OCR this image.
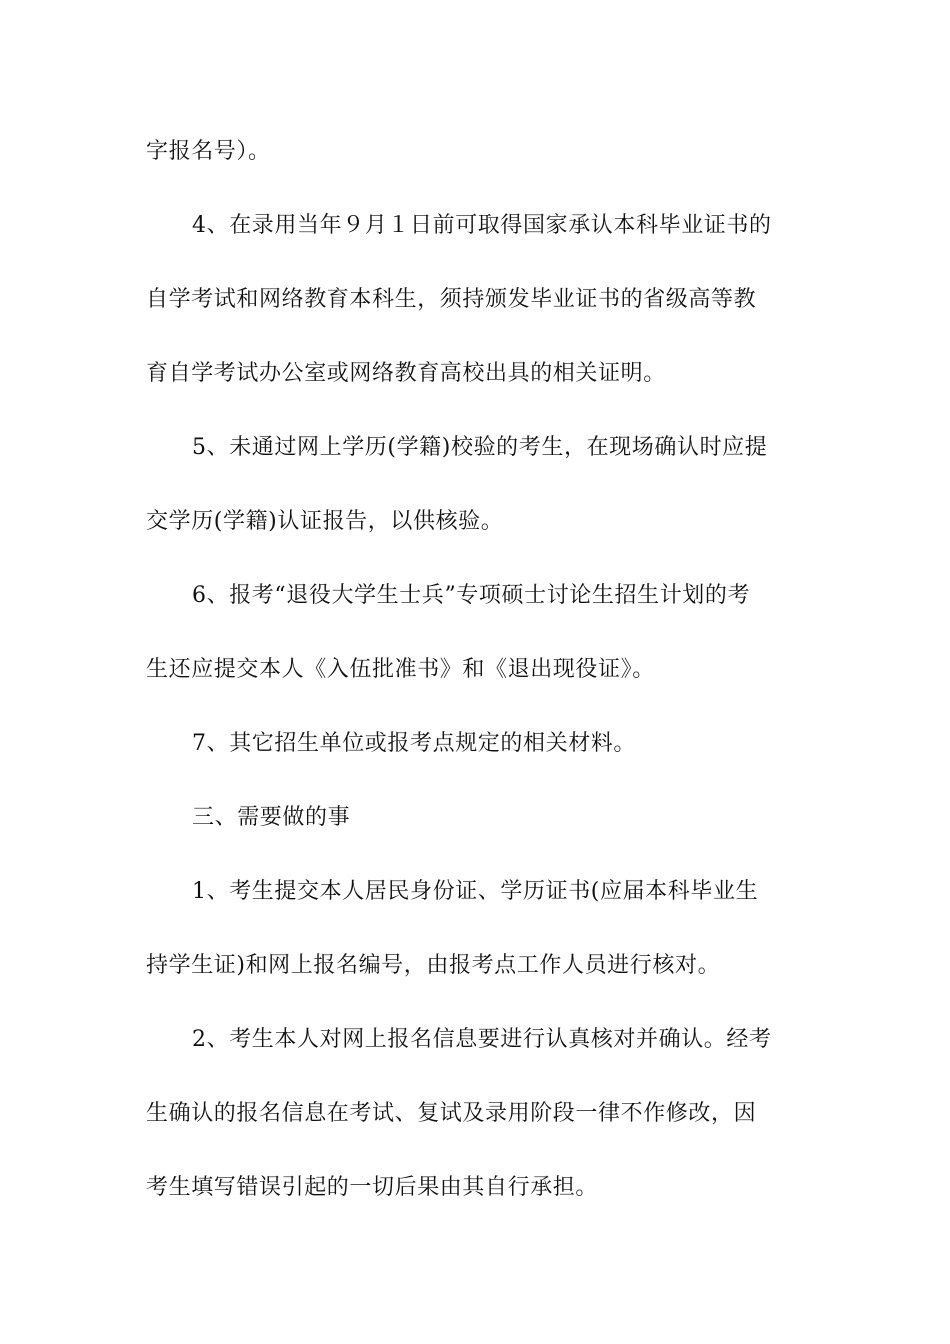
字报名号）。
4、在录用当年９月１日前可取得国家承认本科毕业证书的
自学考试和网络教育本科生，须持颁发毕业证书的省级高等教
育自学考试办公室或网络教育高校出具的相关证明。
5、未通过网上学历(学籍)校验的考生，在现场确认时应提
交学历(学籍)认证报告，以供核验。
6、报考“退役大学生士兵”专项硕士讨论生招生计划的考
生还应提交本人《入伍批准书》和《退出现役证》。
7、其它招生单位或报考点规定的相关材料。
三、需要做的事
1、考生提交本人居民身份证、学历证书(应届本科毕业生
持学生证)和网上报名编号，由报考点工作人员进行核对。
2、考生本人对网上报名信息要进行认真核对并确认。经考
生确认的报名信息在考试、复试及录用阶段一律不作修改，因
考生填写错误引起的一切后果由其自行承担。
